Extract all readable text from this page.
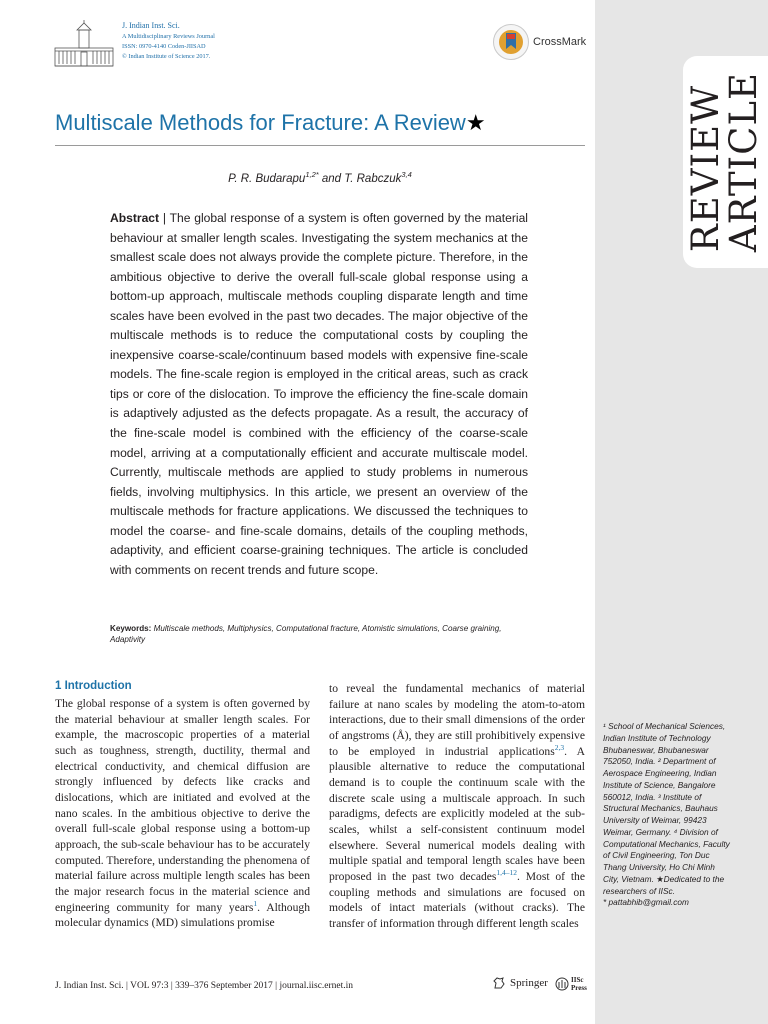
REVIEW
ARTICLE
J. Indian Inst. Sci.
A Multidisciplinary Reviews Journal
ISSN: 0970-4140 Coden-JIISAD
© Indian Institute of Science 2017.
CrossMark
Multiscale Methods for Fracture: A Review★
P. R. Budarapu$^{1,2*}$ and T. Rabczuk$^{3,4}$

Abstract | The global response of a system is often governed by the material behaviour at smaller length scales. Investigating the system mechanics at the smallest scale does not always provide the complete picture. Therefore, in the ambitious objective to derive the overall full-scale global response using a bottom-up approach, multiscale methods coupling disparate length and time scales have been evolved in the past two decades. The major objective of the multiscale methods is to reduce the computational costs by coupling the inexpensive coarse-scale/continuum based models with expensive fine-scale models. The fine-scale region is employed in the critical areas, such as crack tips or core of the dislocation. To improve the efficiency the fine-scale domain is adaptively adjusted as the defects propagate. As a result, the accuracy of the fine-scale model is combined with the efficiency of the coarse-scale model, arriving at a computationally efficient and accurate multiscale model. Currently, multiscale methods are applied to study problems in numerous fields, involving multiphysics. In this article, we present an overview of the multiscale methods for fracture applications. We discussed the techniques to model the coarse- and fine-scale domains, details of the coupling methods, adaptivity, and efficient coarse-graining techniques. The article is concluded with comments on recent trends and future scope.

Keywords: Multiscale methods, Multiphysics, Computational fracture, Atomistic simulations, Coarse graining, Adaptivity

1 Introduction

The global response of a system is often governed by the material behaviour at smaller length scales. For example, the macroscopic properties of a material such as toughness, strength, ductility, thermal and electrical conductivity, and chemical diffusion are strongly influenced by defects like cracks and dislocations, which are initiated and evolved at the nano scales. In the ambitious objective to derive the overall full-scale global response using a bottom-up approach, the sub-scale behaviour has to be accurately computed. Therefore, understanding the phenomena of material failure across multiple length scales has been the major research focus in the material science and engineering community for many years$^1$. Although molecular dynamics (MD) simulations promise

to reveal the fundamental mechanics of material failure at nano scales by modeling the atom-to-atom interactions, due to their small dimensions of the order of angstroms (Å), they are still prohibitively expensive to be employed in industrial applications$^{2,3}$. A plausible alternative to reduce the computational demand is to couple the continuum scale with the discrete scale using a multiscale approach. In such paradigms, defects are explicitly modeled at the sub-scales, whilst a self-consistent continuum model elsewhere. Several numerical models dealing with multiple spatial and temporal length scales have been proposed in the past two decades$^{1,4-12}$. Most of the coupling methods and simulations are focused on models of intact materials (without cracks). The transfer of information through different length scales

¹ School of Mechanical Sciences, Indian Institute of Technology Bhubaneswar, Bhubaneswar 752050, India. ² Department of Aerospace Engineering, Indian Institute of Science, Bangalore 560012, India. ³ Institute of Structural Mechanics, Bauhaus University of Weimar, 99423 Weimar, Germany. ⁴ Division of Computational Mechanics, Faculty of Civil Engineering, Ton Duc Thang University, Ho Chi Minh City, Vietnam. ★Dedicated to the researchers of IISc.
* pattabhib@gmail.com

J. Indian Inst. Sci. | VOL 97:3 | 339–376 September 2017 | journal.iisc.ernet.in	Springer	IISc
Press
